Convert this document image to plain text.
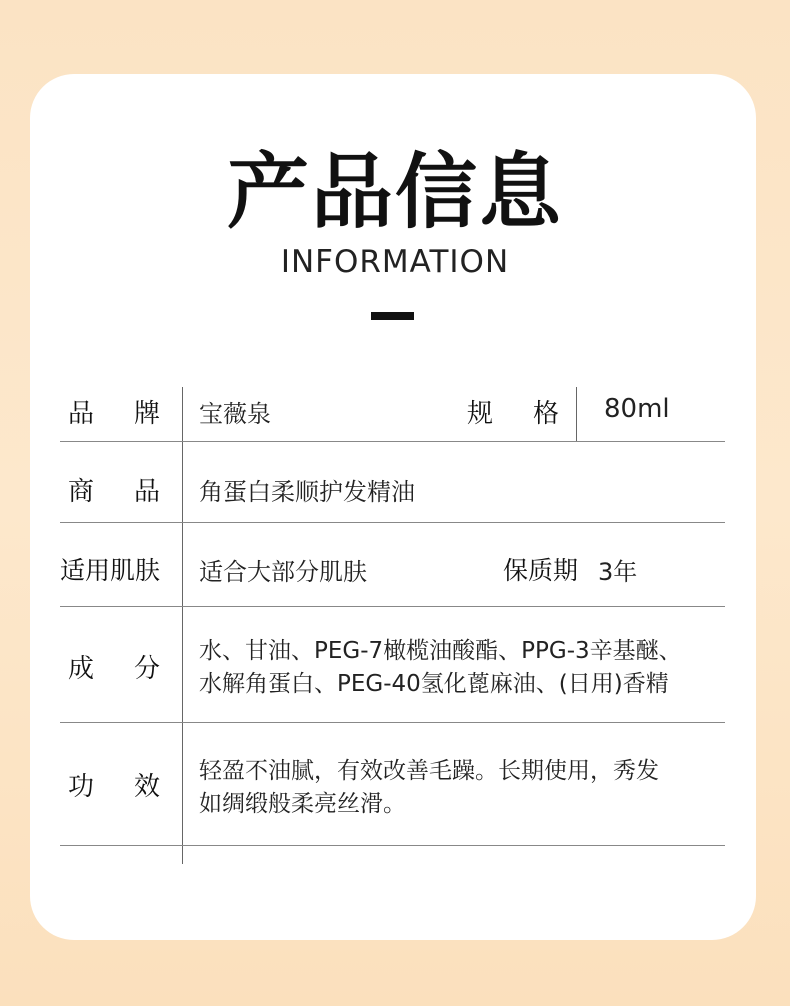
产品信息
INFORMATION
品 牌 宝薇泉	规 格 80ml
商 品 角蛋白柔顺护发精油
适用肌肤 适合大部分肌肤	保质期 3年
成 分
水、甘油、PEG-7橄榄油酸酯、PPG-3辛基醚、
水解角蛋白、PEG-40氢化蓖麻油、(日用)香精
功 效
轻盈不油腻，有效改善毛躁。长期使用，秀发
如绸缎般柔亮丝滑。
